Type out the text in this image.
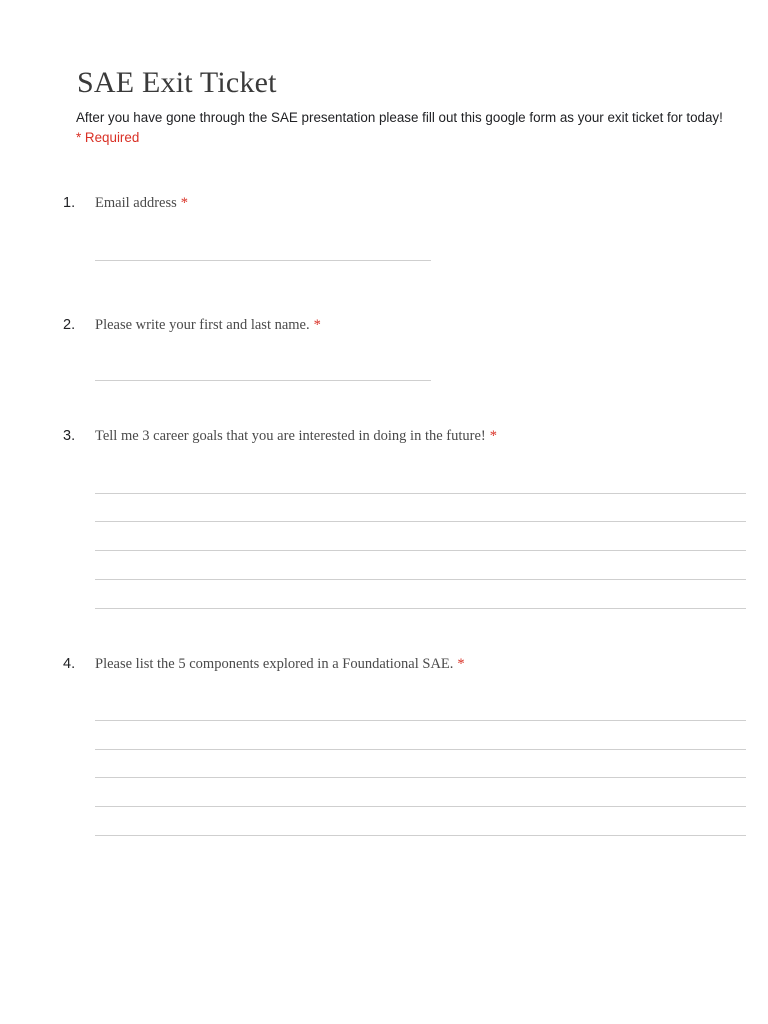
SAE Exit Ticket
After you have gone through the SAE presentation please fill out this google form as your exit ticket for today!
* Required
1. Email address *
2. Please write your first and last name. *
3. Tell me 3 career goals that you are interested in doing in the future! *
4. Please list the 5 components explored in a Foundational SAE. *
